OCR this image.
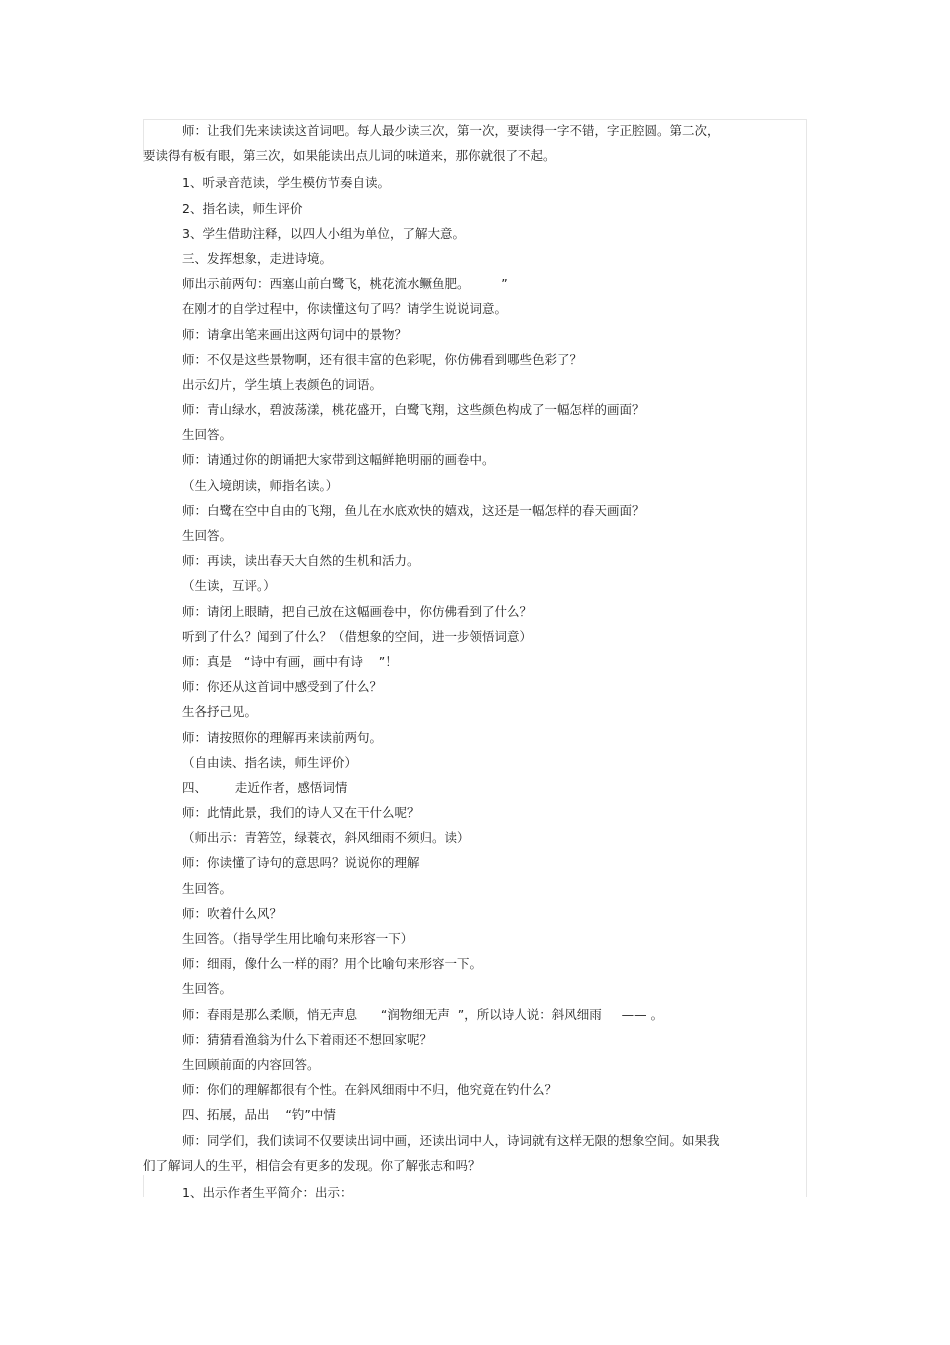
师：让我们先来读读这首词吧。每人最少读三次，第一次，要读得一字不错，字正腔圆。第二次，
要读得有板有眼，第三次，如果能读出点儿词的味道来，那你就很了不起。
1、听录音范读，学生模仿节奏自读。
2、指名读，师生评价
3、学生借助注释，以四人小组为单位，了解大意。
三、发挥想象，走进诗境。
师出示前两句：西塞山前白鹭飞，桃花流水鳜鱼肥。        ”
在刚才的自学过程中，你读懂这句了吗？请学生说说词意。
师：请拿出笔来画出这两句词中的景物？
师：不仅是这些景物啊，还有很丰富的色彩呢，你仿佛看到哪些色彩了？
出示幻片，学生填上表颜色的词语。
师：青山绿水，碧波荡漾，桃花盛开，白鹭飞翔，这些颜色构成了一幅怎样的画面？
生回答。
师：请通过你的朗诵把大家带到这幅鲜艳明丽的画卷中。
（生入境朗读，师指名读。）
师：白鹭在空中自由的飞翔，鱼儿在水底欢快的嬉戏，这还是一幅怎样的春天画面？
生回答。
师：再读，读出春天大自然的生机和活力。
（生读，互评。）
师：请闭上眼睛，把自己放在这幅画卷中，你仿佛看到了什么？
听到了什么？闻到了什么？（借想象的空间，进一步领悟词意）
师：真是   “诗中有画，画中有诗    ”！
师：你还从这首词中感受到了什么？
生各抒己见。
师：请按照你的理解再来读前两句。
（自由读、指名读，师生评价）
四、       走近作者，感悟词情
师：此情此景，我们的诗人又在干什么呢？
（师出示：青箬笠，绿蓑衣，斜风细雨不须归。读）
师：你读懂了诗句的意思吗？说说你的理解
生回答。
师：吹着什么风？
生回答。（指导学生用比喻句来形容一下）
师：细雨，像什么一样的雨？用个比喻句来形容一下。
生回答。
师：春雨是那么柔顺，悄无声息      “润物细无声  ”，所以诗人说：斜风细雨     —— 。
师：猜猜看渔翁为什么下着雨还不想回家呢？
生回顾前面的内容回答。
师：你们的理解都很有个性。在斜风细雨中不归，他究竟在钓什么？
四、拓展，品出    “钓”中情
师：同学们，我们读词不仅要读出词中画，还读出词中人，诗词就有这样无限的想象空间。如果我
们了解词人的生平，相信会有更多的发现。你了解张志和吗？
1、出示作者生平简介：出示：
